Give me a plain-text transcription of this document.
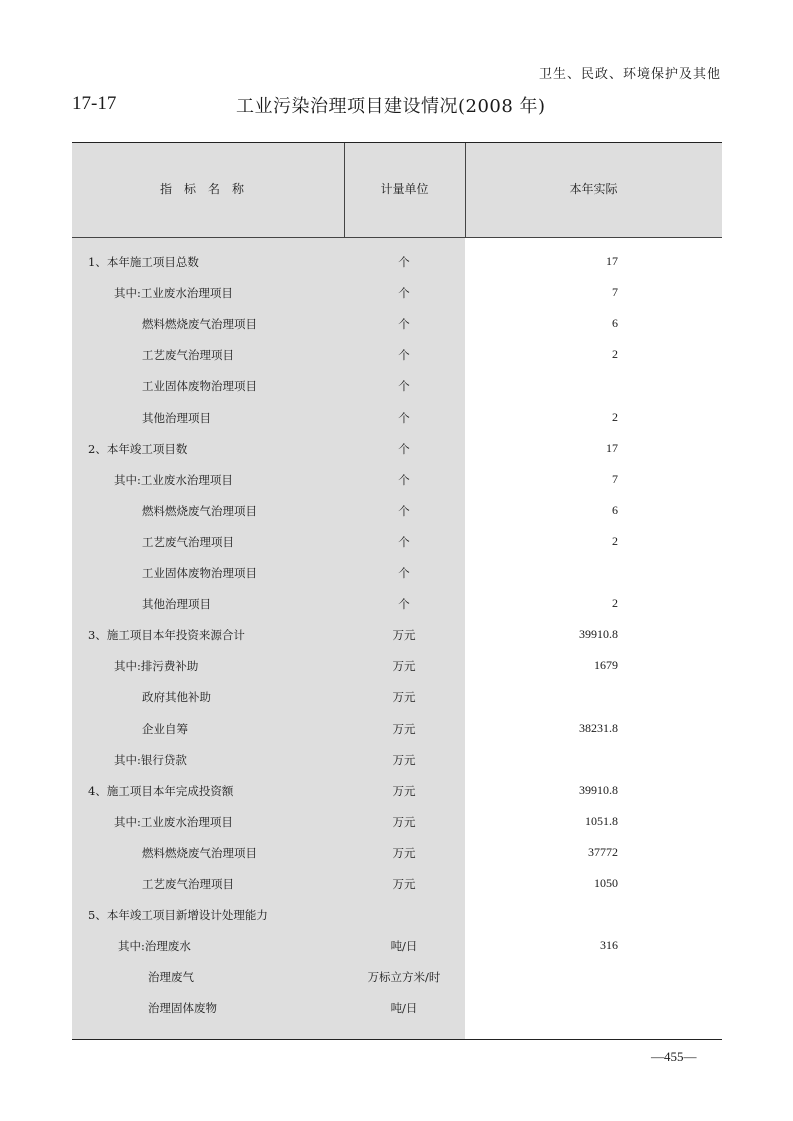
卫生、民政、环境保护及其他
17-17	工业污染治理项目建设情况(2008 年)
指　标　名　称	计量单位	本年实际
1、本年施工项目总数	个	17
其中:工业废水治理项目	个	7
燃料燃烧废气治理项目	个	6
工艺废气治理项目	个	2
工业固体废物治理项目	个
其他治理项目	个	2
2、本年竣工项目数	个	17
其中:工业废水治理项目	个	7
燃料燃烧废气治理项目	个	6
工艺废气治理项目	个	2
工业固体废物治理项目	个
其他治理项目	个	2
3、施工项目本年投资来源合计	万元	39910.8
其中:排污费补助	万元	1679
政府其他补助	万元
企业自筹	万元	38231.8
其中:银行贷款	万元
4、施工项目本年完成投资额	万元	39910.8
其中:工业废水治理项目	万元	1051.8
燃料燃烧废气治理项目	万元	37772
工艺废气治理项目	万元	1050
5、本年竣工项目新增设计处理能力
其中:治理废水	吨/日	316
治理废气	万标立方米/时
治理固体废物	吨/日
—455—
